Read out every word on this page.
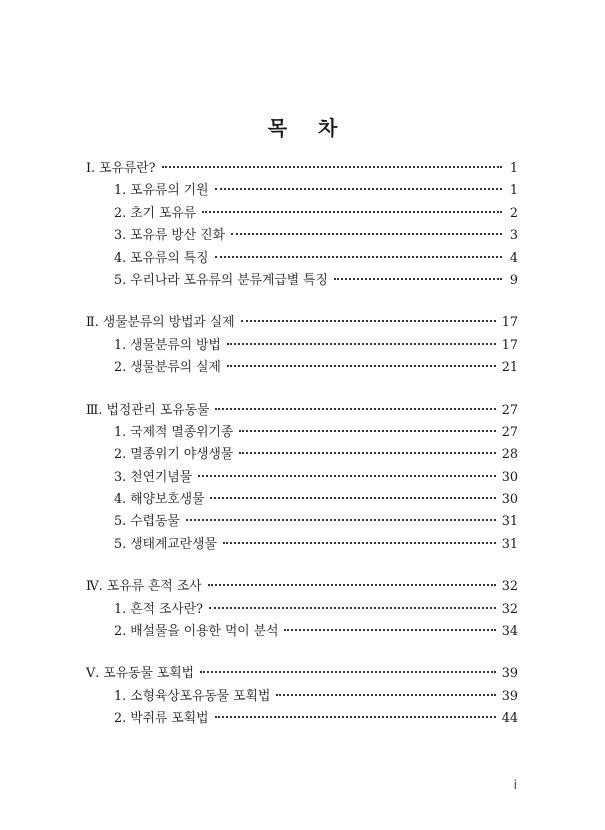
목 차
Ⅰ. 포유류란?	1
1. 포유류의 기원	1
2. 초기 포유류	2
3. 포유류 방산 진화	3
4. 포유류의 특징	4
5. 우리나라 포유류의 분류계급별 특징	9
Ⅱ. 생물분류의 방법과 실제	17
1. 생물분류의 방법	17
2. 생물분류의 실제	21
Ⅲ. 법정관리 포유동물	27
1. 국제적 멸종위기종	27
2. 멸종위기 야생생물	28
3. 천연기념물	30
4. 해양보호생물	30
5. 수렵동물	31
5. 생태계교란생물	31
Ⅳ. 포유류 흔적 조사	32
1. 흔적 조사란?	32
2. 배설물을 이용한 먹이 분석	34
Ⅴ. 포유동물 포획법	39
1. 소형육상포유동물 포획법	39
2. 박쥐류 포획법	44
i
